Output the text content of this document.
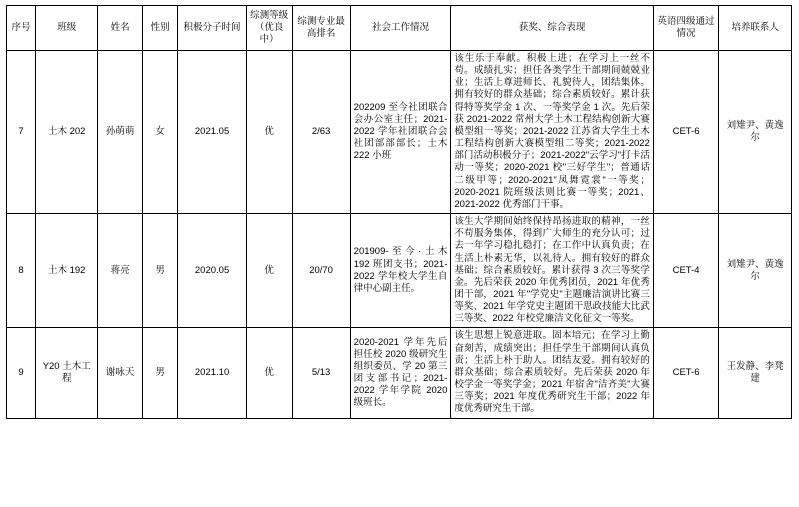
序号	班级	姓名	性别	积极分子时间	综测等级（优良中）	综测专业最高排名	社会工作情况	获奖、综合表现	英语四级通过情况	培养联系人
7	土木 202	孙萌萌	女	2021.05	优	2/63	202209 至今社团联合会办公室主任；2021-2022 学年社团联合会社团部部部长；土木 222 小班	该生乐于奉献。积极上进；在学习上一丝不苟。成绩扎实；担任各类学生干部期间兢兢业业；生活上尊进师长、礼貌待人，团结集体。拥有较好的群众基础；综合素质较好。累计获得特等奖学金 1 次、一等奖学金 1 次。先后荣获 2021-2022 常州大学土木工程结构创新大赛模型组一等奖；2021-2022 江苏省大学生土木工程结构创新大赛模型组二等奖；2021-2022 部门活动积极分子；2021-2022"云学习"打卡活动一等奖；2020-2021 校"三好学生"；普通话二级甲等；2020-2021"凤舞霓裳"一等奖；2020-2021 院班级法则比赛一等奖；2021、2021-2022 优秀部门干事。	CET-6	刘雉尹、黄逸尔
8	土木 192	蒋亮	男	2020.05	优	20/70	201909-至今·土木 192 班团支书；2021-2022 学年校大学生自律中心副主任。	该生大学期间始终保持昂扬进取的精神，一丝不苟服务集体，得到广大师生的充分认可；过去一年学习稳扎稳打；在工作中认真负责；在生活上朴素无华，以礼待人。拥有较好的群众基础；综合素质较好。累计获得 3 次三等奖学金。先后荣获 2020 年优秀团员，2021 年优秀团干部，2021 年"学党史"主题廉洁演讲比赛三等奖、2021 年学党史主题团干思政技能大比武三等奖、2022 年校党廉洁文化征文一等奖。	CET-4	刘雉尹、黄逸尔
9	Y20 土木工程	谢咏天	男	2021.10	优	5/13	2020-2021 学年先后担任校 2020 级研究生组织委员、学 20 第三团支部书记；2021-2022 学年学院 2020 级班长。	该生思想上锐意进取。固本培元；在学习上勤奋刻苦，成绩突出；担任学生干部期间认真负责；生活上朴于助人。团结友爱。拥有较好的群众基础；综合素质较好。先后荣获 2020 年校学金一等奖学金；2021 年宿舍"洁齐美"大赛三等奖；2021 年度优秀研究生干部；2022 年度优秀研究生干部。	CET-6	王发静、李凳建
